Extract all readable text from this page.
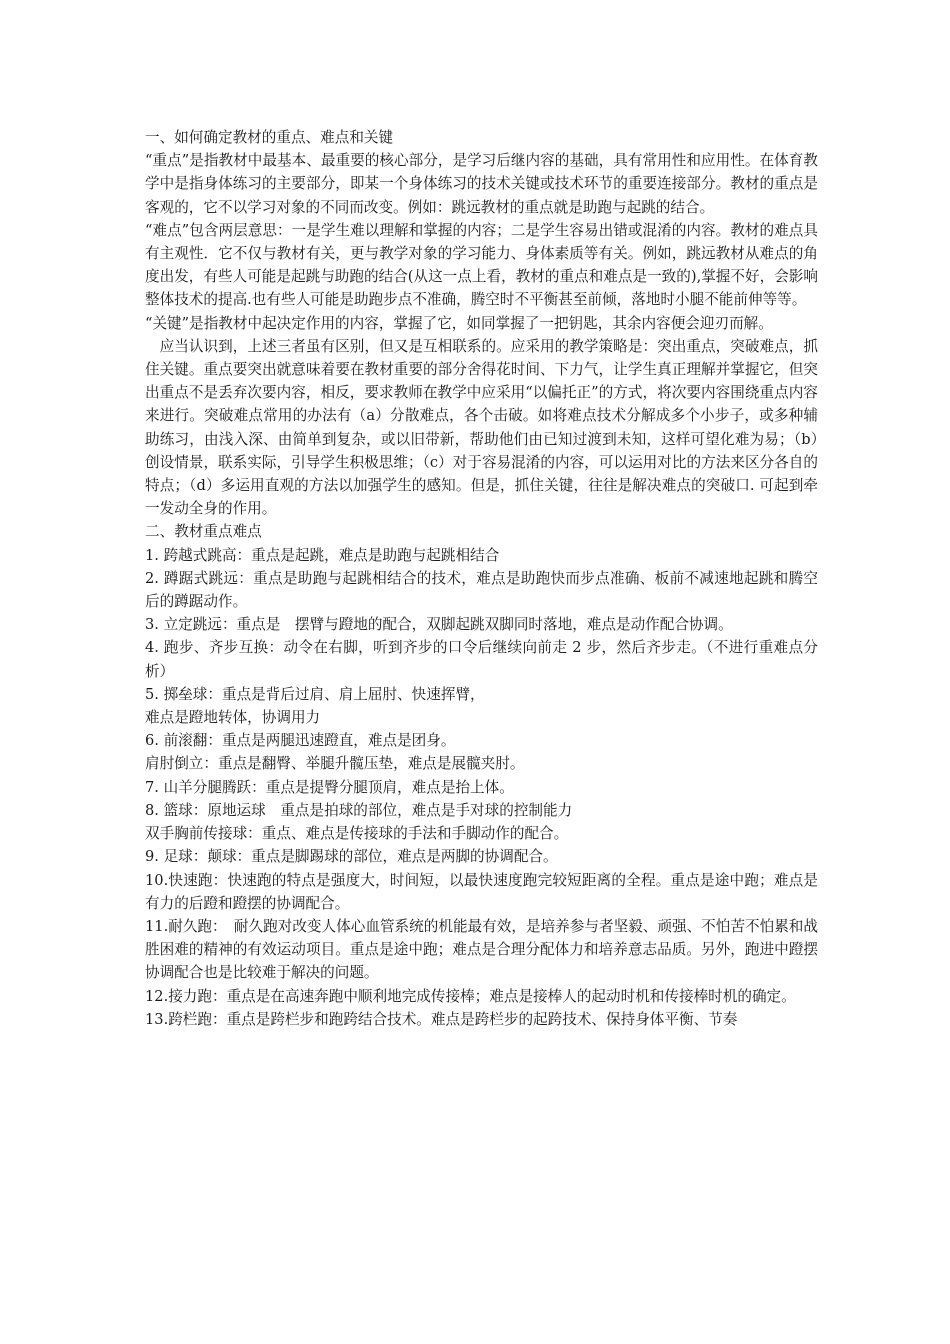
一、如何确定教材的重点、难点和关键

“重点”是指教材中最基本、最重要的核心部分，是学习后继内容的基础，具有常用性和应用性。在体育教学中是指身体练习的主要部分，即某一个身体练习的技术关键或技术环节的重要连接部分。教材的重点是客观的，它不以学习对象的不同而改变。例如：跳远教材的重点就是助跑与起跳的结合。

“难点”包含两层意思：一是学生难以理解和掌握的内容；二是学生容易出错或混淆的内容。教材的难点具有主观性．它不仅与教材有关，更与教学对象的学习能力、身体素质等有关。例如，跳远教材从难点的角度出发，有些人可能是起跳与助跑的结合(从这一点上看，教材的重点和难点是一致的),掌握不好，会影响整体技术的提高.也有些人可能是助跑步点不准确，腾空时不平衡甚至前倾，落地时小腿不能前伸等等。

“关键”是指教材中起决定作用的内容，掌握了它，如同掌握了一把钥匙，其余内容便会迎刃而解。

应当认识到，上述三者虽有区别，但又是互相联系的。应采用的教学策略是：突出重点，突破难点，抓住关键。重点要突出就意味着要在教材重要的部分舍得花时间、下力气，让学生真正理解并掌握它，但突出重点不是丢弃次要内容，相反，要求教师在教学中应采用“以偏托正”的方式，将次要内容围绕重点内容来进行。突破难点常用的办法有（a）分散难点，各个击破。如将难点技术分解成多个小步子，或多种辅助练习，由浅入深、由简单到复杂，或以旧带新，帮助他们由已知过渡到未知，这样可望化难为易；（b）创设情景，联系实际，引导学生积极思维；（c）对于容易混淆的内容，可以运用对比的方法来区分各自的特点；（d）多运用直观的方法以加强学生的感知。但是，抓住关键，往往是解决难点的突破口. 可起到牵一发动全身的作用。

二、教材重点难点

1. 跨越式跳高：重点是起跳，难点是助跑与起跳相结合

2. 蹲踞式跳远：重点是助跑与起跳相结合的技术，难点是助跑快而步点准确、板前不减速地起跳和腾空后的蹲踞动作。

3. 立定跳远：重点是　摆臂与蹬地的配合，双脚起跳双脚同时落地，难点是动作配合协调。

4. 跑步、齐步互换：动令在右脚，听到齐步的口令后继续向前走 2 步，然后齐步走。（不进行重难点分析）

5. 掷垒球：重点是背后过肩、肩上屈肘、快速挥臂，

难点是蹬地转体，协调用力

6. 前滚翻：重点是两腿迅速蹬直，难点是团身。

肩肘倒立：重点是翻臀、举腿升髋压垫，难点是展髋夹肘。

7. 山羊分腿腾跃：重点是提臀分腿顶肩，难点是抬上体。

8. 篮球：原地运球　重点是拍球的部位，难点是手对球的控制能力

双手胸前传接球：重点、难点是传接球的手法和手脚动作的配合。

9. 足球：颠球：重点是脚踢球的部位，难点是两脚的协调配合。

10.快速跑：快速跑的特点是强度大，时间短，以最快速度跑完较短距离的全程。重点是途中跑；难点是有力的后蹬和蹬摆的协调配合。

11.耐久跑：　耐久跑对改变人体心血管系统的机能最有效，是培养参与者坚毅、顽强、不怕苦不怕累和战胜困难的精神的有效运动项目。重点是途中跑；难点是合理分配体力和培养意志品质。另外，跑进中蹬摆协调配合也是比较难于解决的问题。

12.接力跑：重点是在高速奔跑中顺利地完成传接棒；难点是接棒人的起动时机和传接棒时机的确定。

13.跨栏跑：重点是跨栏步和跑跨结合技术。难点是跨栏步的起跨技术、保持身体平衡、节奏
